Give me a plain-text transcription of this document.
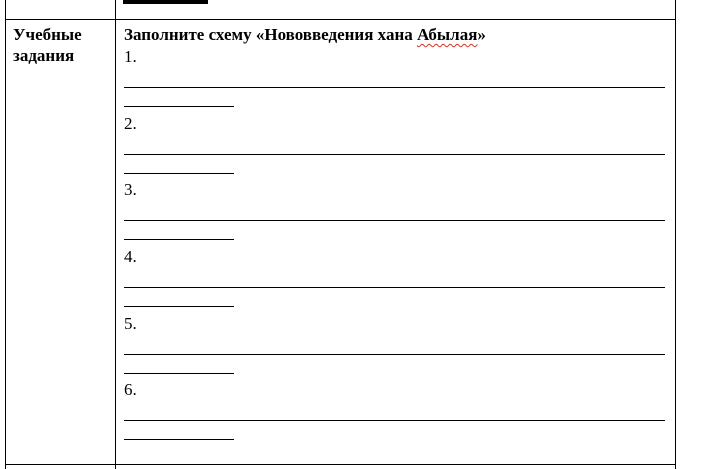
Учебные задания
Заполните схему «Нововведения хана Абылая»
1.
2.
3.
4.
5.
6.
